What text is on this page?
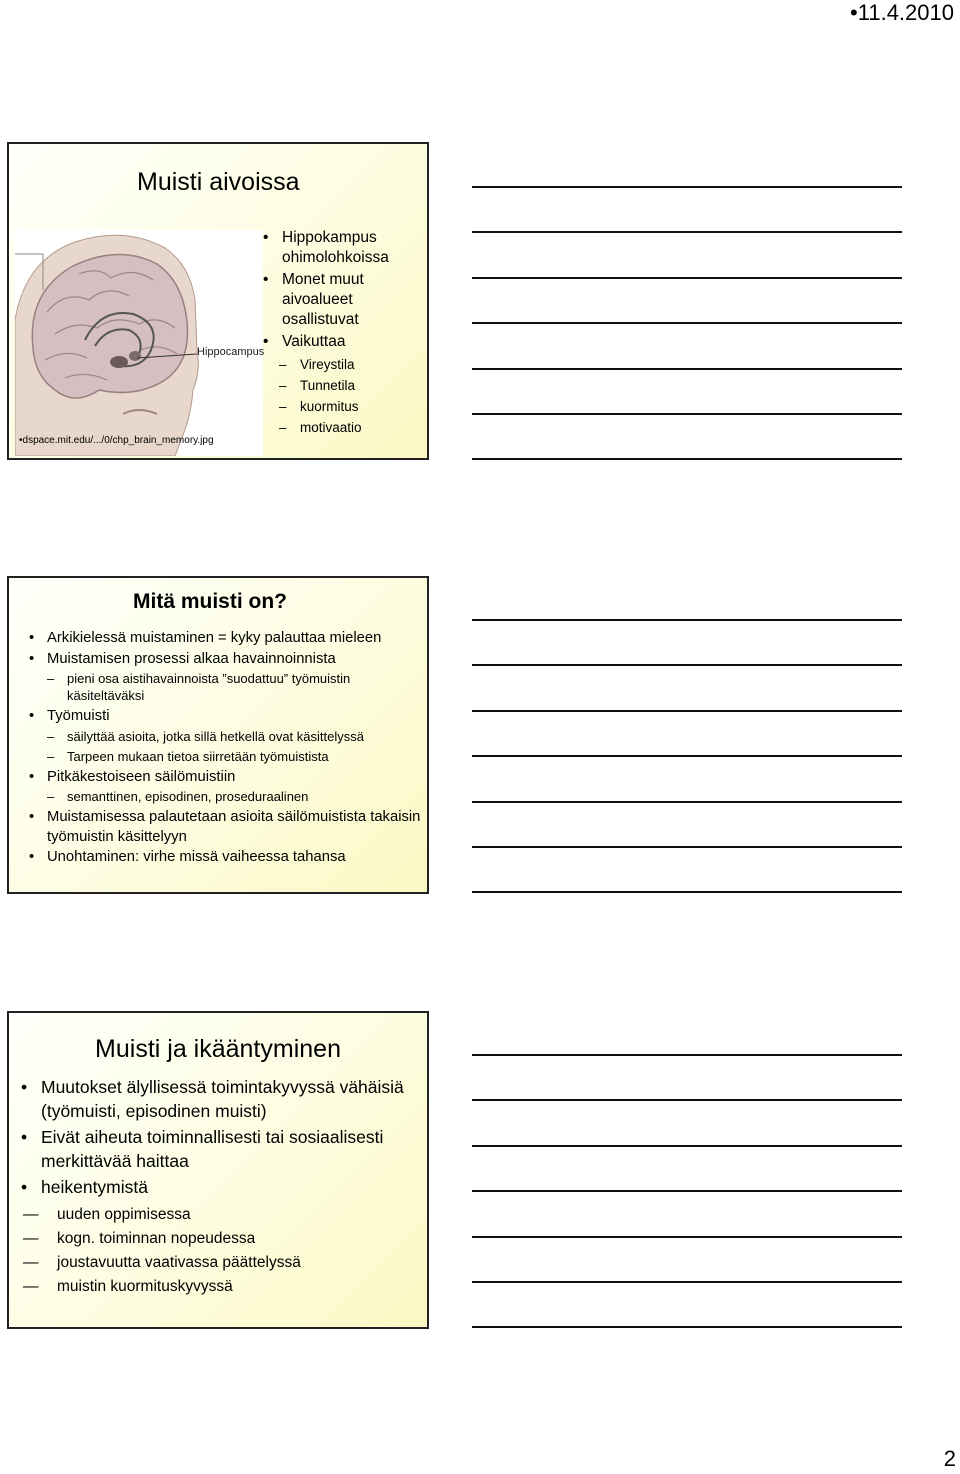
•11.4.2010
Muisti aivoissa
Hippocampus
•dspace.mit.edu/.../0/chp_brain_memory.jpg
• Hippokampus ohimolohkoissa
• Monet muut aivoalueet osallistuvat
• Vaikuttaa
– Vireystila
– Tunnetila
– kuormitus
– motivaatio
Mitä muisti on?
• Arkikielessä muistaminen = kyky palauttaa mieleen
• Muistamisen prosessi alkaa havainnoinnista
– pieni osa aistihavainnoista ”suodattuu” työmuistin käsiteltäväksi
• Työmuisti
– säilyttää asioita, jotka sillä hetkellä ovat käsittelyssä
– Tarpeen mukaan tietoa siirretään työmuistista
• Pitkäkestoiseen säilömuistiin
– semanttinen, episodinen, proseduraalinen
• Muistamisessa palautetaan asioita säilömuistista takaisin työmuistin käsittelyyn
• Unohtaminen: virhe missä vaiheessa tahansa
Muisti ja ikääntyminen
• Muutokset älyllisessä toimintakyvyssä vähäisiä (työmuisti, episodinen muisti)
• Eivät aiheuta toiminnallisesti tai sosiaalisesti merkittävää haittaa
• heikentymistä
— uuden oppimisessa
— kogn. toiminnan nopeudessa
— joustavuutta vaativassa päättelyssä
— muistin kuormituskyvyssä
2
